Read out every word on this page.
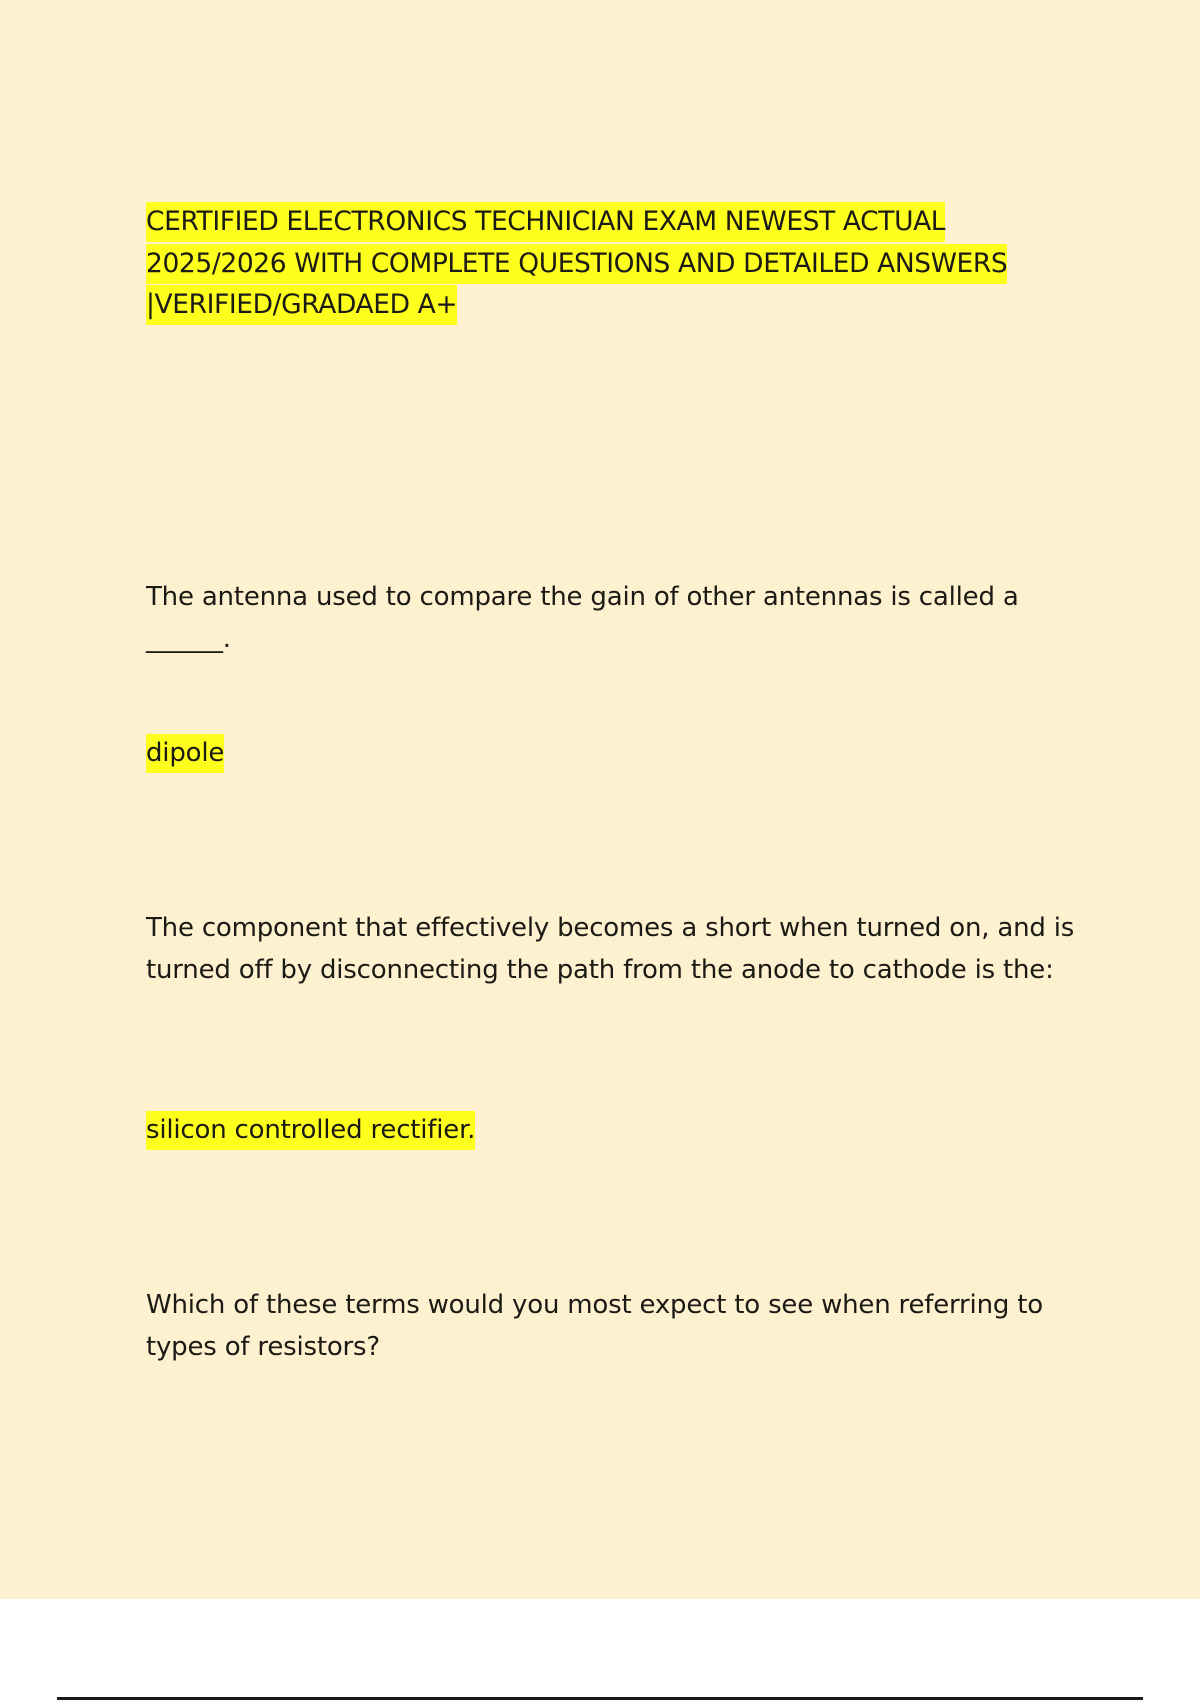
CERTIFIED ELECTRONICS TECHNICIAN EXAM NEWEST ACTUAL 2025/2026 WITH COMPLETE QUESTIONS AND DETAILED ANSWERS |VERIFIED/GRADAED A+
The antenna used to compare the gain of other antennas is called a ______.
dipole
The component that effectively becomes a short when turned on, and is turned off by disconnecting the path from the anode to cathode is the:
silicon controlled rectifier.
Which of these terms would you most expect to see when referring to types of resistors?
